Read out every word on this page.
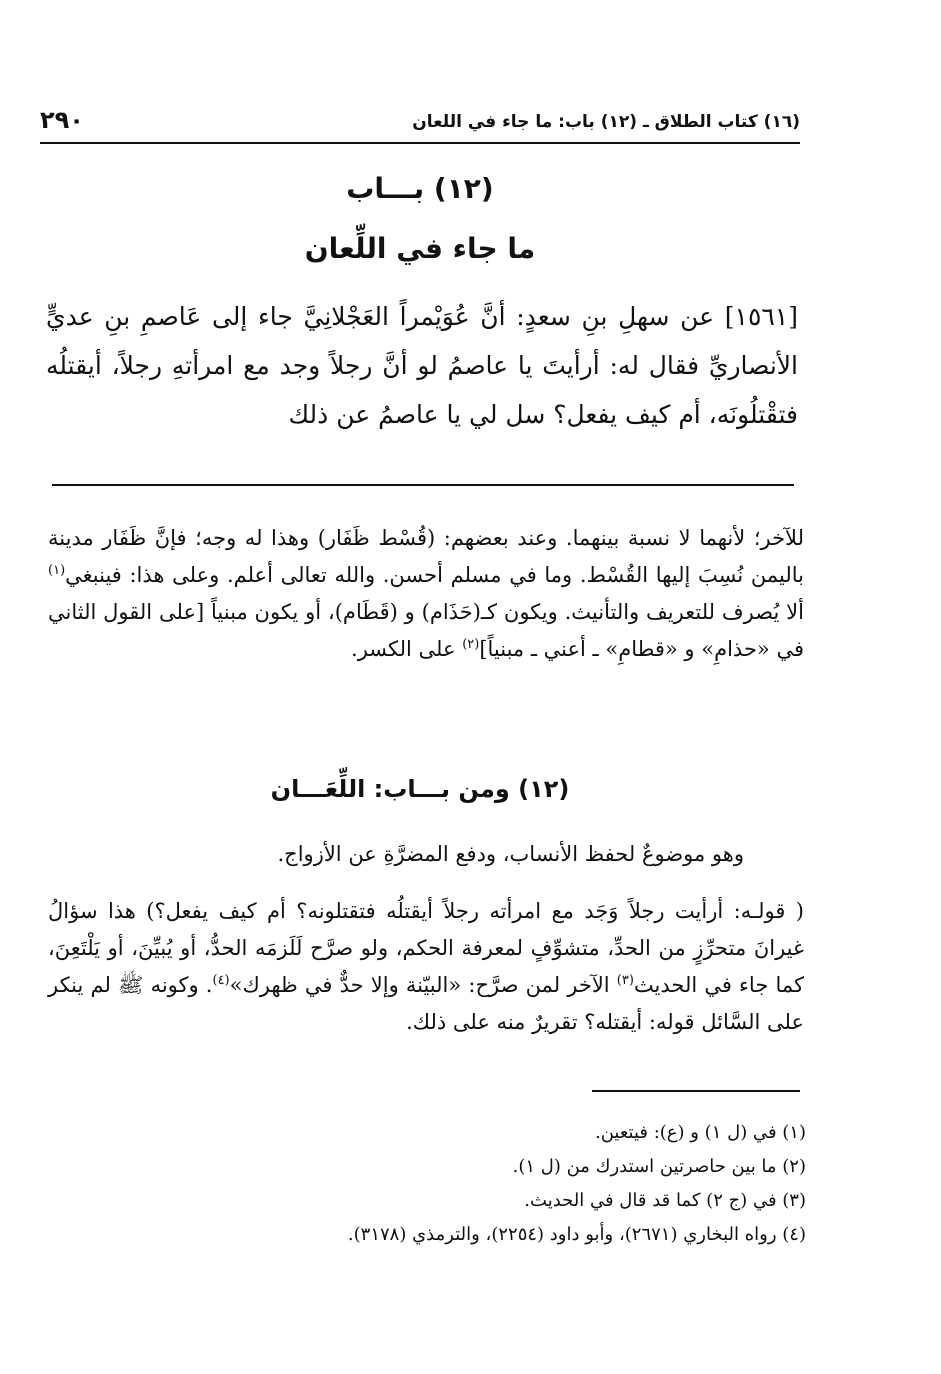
٢٩٠	(١٦) كتاب الطلاق ـ (١٢) باب: ما جاء في اللعان
(١٢) بـــاب
ما جاء في اللِّعان

[١٥٦١] عن سهلِ بنِ سعدٍ: أنَّ عُوَيْمراً العَجْلانِيَّ جاء إلى عَاصمِ بنِ عديٍّ الأنصاريِّ فقال له: أرأيتَ يا عاصمُ لو أنَّ رجلاً وجد مع امرأتهِ رجلاً، أيقتلُه فتقْتلُونَه، أم كيف يفعل؟ سل لي يا عاصمُ عن ذلك

للآخر؛ لأنهما لا نسبة بينهما. وعند بعضهم: (قُسْط ظَفَار) وهذا له وجه؛ فإنَّ ظَفَار مدينة باليمن نُسِبَ إليها القُسْط. وما في مسلم أحسن. والله تعالى أعلم. وعلى هذا: فينبغي$^{(١)}$ ألا يُصرف للتعريف والتأنيث. ويكون كـ(حَذَام) و (قَطَام)، أو يكون مبنياً [على القول الثاني في «حذامِ» و «قطامِ» ـ أعني ـ مبنياً]$^{(٢)}$ على الكسر.

(١٢) ومن بـــاب: اللِّعَـــان

وهو موضوعٌ لحفظ الأنساب، ودفع المضرَّةِ عن الأزواج.

( قولـه: أرأيت رجلاً وَجَد مع امرأته رجلاً أيقتلُه فتقتلونه؟ أم كيف يفعل؟) هذا سؤالُ غيرانَ متحرِّزٍ من الحدِّ، متشوِّفٍ لمعرفة الحكم، ولو صرَّح لَلَزمَه الحدُّ، أو يُبيِّنَ، أو يَلْتَعِنَ، كما جاء في الحديث$^{(٣)}$ الآخر لمن صرَّح: «البيّنة وإلا حدٌّ في ظهرك»$^{(٤)}$. وكونه ﷺ لم ينكر على السَّائل قوله: أيقتله؟ تقريرٌ منه على ذلك.

(١) في (ل ١) و (ع): فيتعين.

(٢) ما بين حاصرتين استدرك من (ل ١).

(٣) في (ج ٢) كما قد قال في الحديث.

(٤) رواه البخاري (٢٦٧١)، وأبو داود (٢٢٥٤)، والترمذي (٣١٧٨).
